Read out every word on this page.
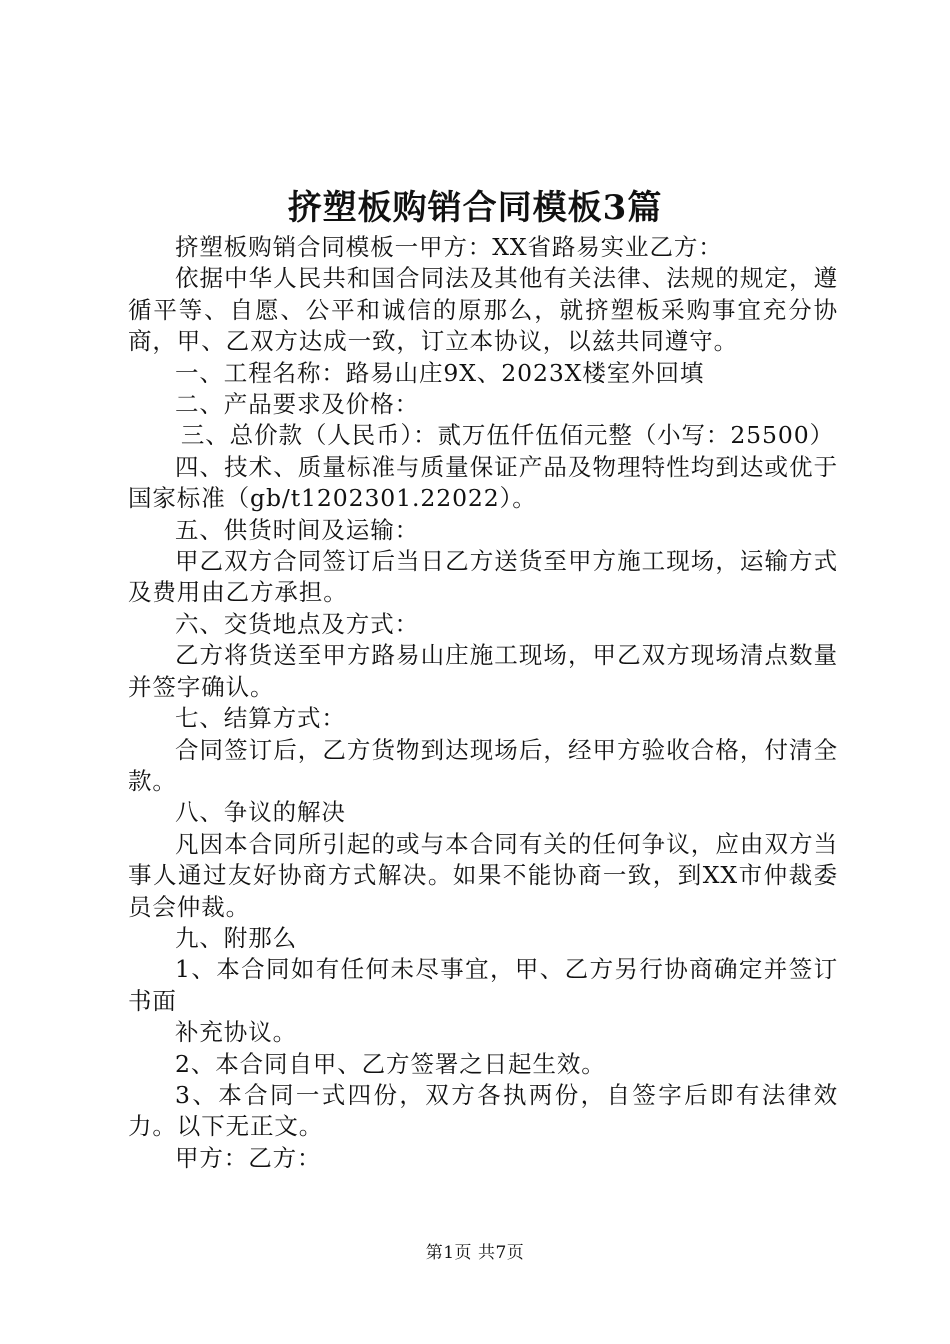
挤塑板购销合同模板3篇

挤塑板购销合同模板一甲方：XX省路易实业乙方：

依据中华人民共和国合同法及其他有关法律、法规的规定，遵循平等、自愿、公平和诚信的原那么，就挤塑板采购事宜充分协商，甲、乙双方达成一致，订立本协议，以兹共同遵守。

一、工程名称：路易山庄9X、2023X楼室外回填

二、产品要求及价格：

三、总价款（人民币）：贰万伍仟伍佰元整（小写：25500）

四、技术、质量标准与质量保证产品及物理特性均到达或优于国家标准（gb/t1202301.22022）。

五、供货时间及运输：

甲乙双方合同签订后当日乙方送货至甲方施工现场，运输方式及费用由乙方承担。

六、交货地点及方式：

乙方将货送至甲方路易山庄施工现场，甲乙双方现场清点数量并签字确认。

七、结算方式：

合同签订后，乙方货物到达现场后，经甲方验收合格，付清全款。

八、争议的解决

凡因本合同所引起的或与本合同有关的任何争议，应由双方当事人通过友好协商方式解决。如果不能协商一致，到XX市仲裁委员会仲裁。

九、附那么

1、本合同如有任何未尽事宜，甲、乙方另行协商确定并签订书面

补充协议。

2、本合同自甲、乙方签署之日起生效。

3、本合同一式四份，双方各执两份，自签字后即有法律效力。以下无正文。

甲方：乙方：

第1页 共7页
